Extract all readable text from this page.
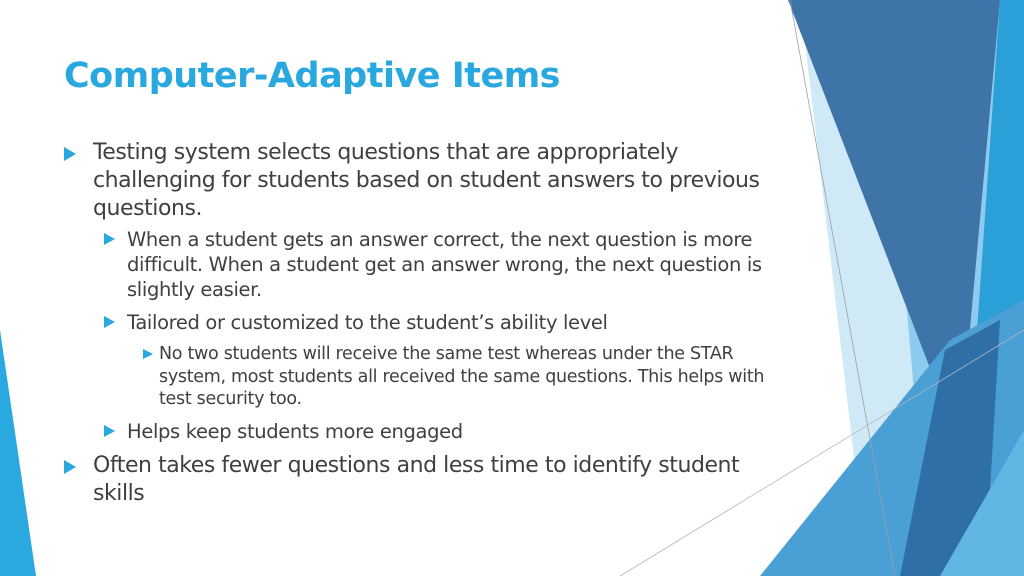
Computer-Adaptive Items
Testing system selects questions that are appropriately challenging for students based on student answers to previous questions.
When a student gets an answer correct, the next question is more difficult. When a student get an answer wrong, the next question is slightly easier.
Tailored or customized to the student’s ability level
No two students will receive the same test whereas under the STAR system, most students all received the same questions. This helps with test security too.
Helps keep students more engaged
Often takes fewer questions and less time to identify student skills
